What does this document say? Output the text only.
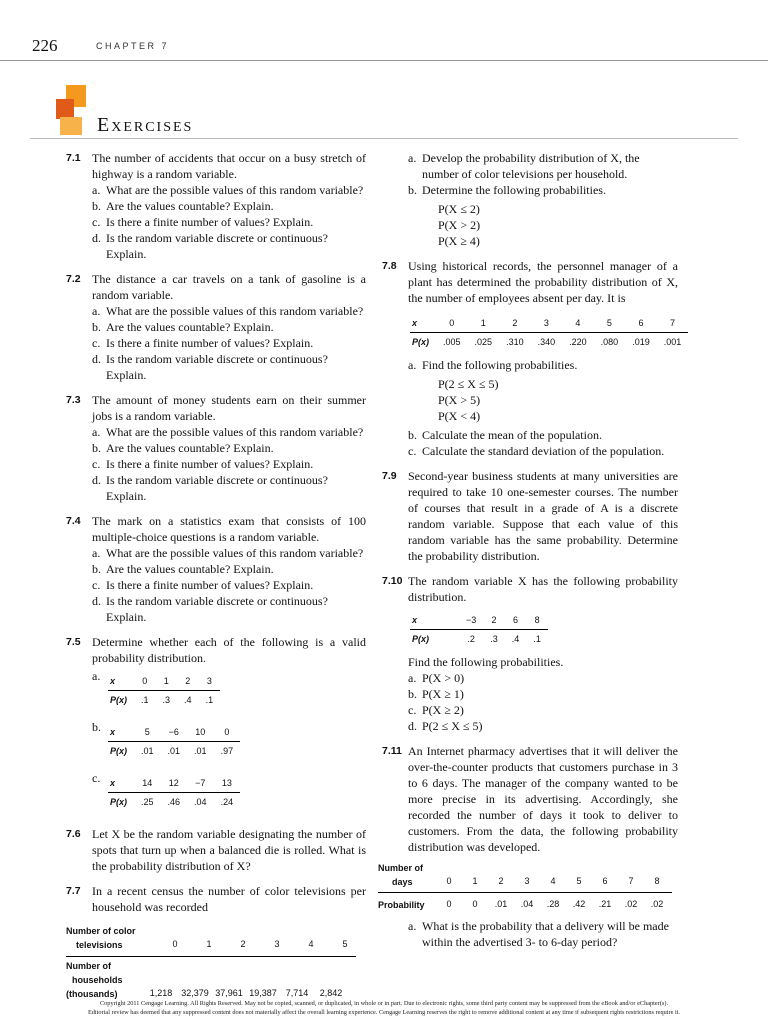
226	CHAPTER 7
Exercises
7.1 The number of accidents that occur on a busy stretch of highway is a random variable.

a. What are the possible values of this random variable?
b. Are the values countable? Explain.
c. Is there a finite number of values? Explain.
d. Is the random variable discrete or continuous? Explain.
7.2 The distance a car travels on a tank of gasoline is a random variable.

a. What are the possible values of this random variable?
b. Are the values countable? Explain.
c. Is there a finite number of values? Explain.
d. Is the random variable discrete or continuous? Explain.
7.3 The amount of money students earn on their summer jobs is a random variable.

a. What are the possible values of this random variable?
b. Are the values countable? Explain.
c. Is there a finite number of values? Explain.
d. Is the random variable discrete or continuous? Explain.
7.4 The mark on a statistics exam that consists of 100 multiple-choice questions is a random variable.

a. What are the possible values of this random variable?
b. Are the values countable? Explain.
c. Is there a finite number of values? Explain.
d. Is the random variable discrete or continuous? Explain.
7.5 Determine whether each of the following is a valid probability distribution.

a.	x	0	1	2	3
P(x)	.1	.3	.4	.1
b.	x	5	−6	10	0
P(x)	.01	.01	.01	.97
c.	x	14	12	−7	13
P(x)	.25	.46	.04	.24
7.6 Let X be the random variable designating the number of spots that turn up when a balanced die is rolled. What is the probability distribution of X?

7.7 In a recent census the number of color televisions per household was recorded

Number of color
televisions	0	1	2	3	4	5
Number of
households
(thousands)	1,218 32,379 37,961 19,387 7,714	2,842
a. Develop the probability distribution of X, the number of color televisions per household.
b. Determine the following probabilities.
P(X ≤ 2)
P(X > 2)
P(X ≥ 4)
7.8 Using historical records, the personnel manager of a plant has determined the probability distribution of X, the number of employees absent per day. It is

x	0	1	2	3	4	5	6	7
P(x)	.005	.025	.310	.340	.220	.080	.019	.001
a. Find the following probabilities.
P(2 ≤ X ≤ 5)
P(X > 5)
P(X < 4)
b. Calculate the mean of the population.
c. Calculate the standard deviation of the population.
7.9 Second-year business students at many universities are required to take 10 one-semester courses. The number of courses that result in a grade of A is a discrete random variable. Suppose that each value of this random variable has the same probability. Determine the probability distribution.

7.10 The random variable X has the following probability distribution.

x	−3	2	6	8
P(x)	.2	.3	.4	.1

Find the following probabilities.

a. P(X > 0)
b. P(X ≥ 1)
c. P(X ≥ 2)
d. P(2 ≤ X ≤ 5)
7.11 An Internet pharmacy advertises that it will deliver the over-the-counter products that customers purchase in 3 to 6 days. The manager of the company wanted to be more precise in its advertising. Accordingly, she recorded the number of days it took to deliver to customers. From the data, the following probability distribution was developed.

Number of
days	0	1	2	3	4	5	6	7	8
Probability	0	0	.01	.04	.28	.42	.21	.02	.02
a. What is the probability that a delivery will be made within the advertised 3- to 6-day period?
Copyright 2011 Cengage Learning. All Rights Reserved. May not be copied, scanned, or duplicated, in whole or in part. Due to electronic rights, some third party content may be suppressed from the eBook and/or eChapter(s).
Editorial review has deemed that any suppressed content does not materially affect the overall learning experience. Cengage Learning reserves the right to remove additional content at any time if subsequent rights restrictions require it.
